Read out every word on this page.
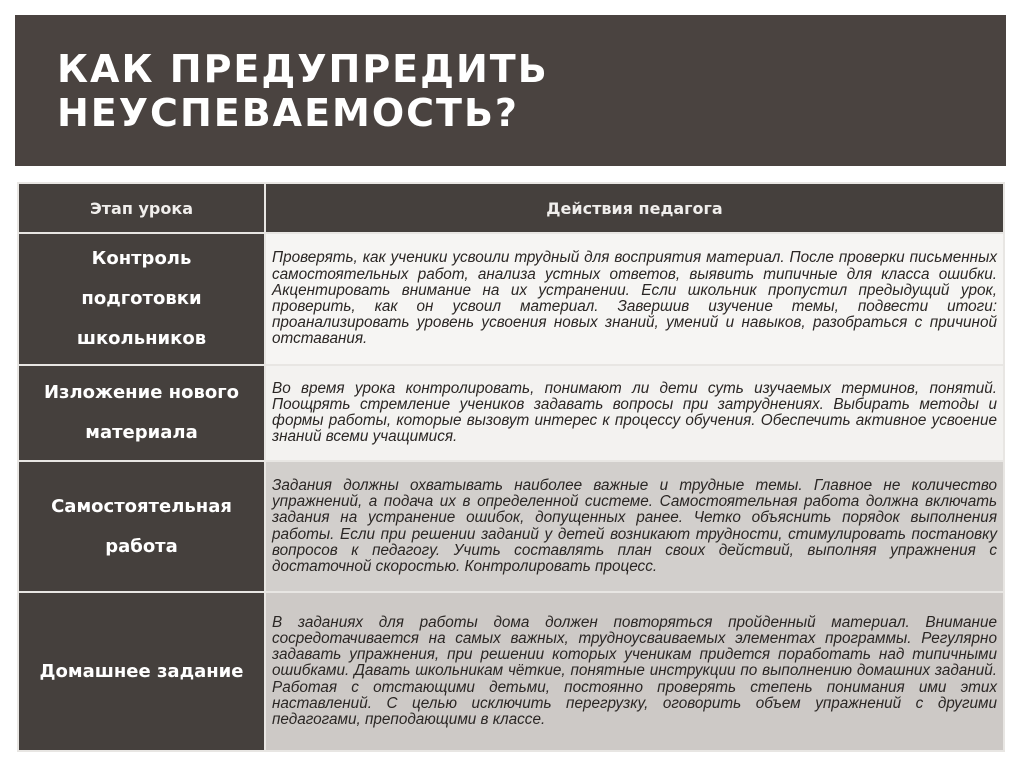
КАК ПРЕДУПРЕДИТЬ НЕУСПЕВАЕМОСТЬ?
Этап урока	Действия педагога
Контроль подготовки школьников	Проверять, как ученики усвоили трудный для восприятия материал. После проверки письменных самостоятельных работ, анализа устных ответов, выявить типичные для класса ошибки. Акцентировать внимание на их устранении. Если школьник пропустил предыдущий урок, проверить, как он усвоил материал. Завершив изучение темы, подвести итоги: проанализировать уровень усвоения новых знаний, умений и навыков, разобраться с причиной отставания.
Изложение нового материала	Во время урока контролировать, понимают ли дети суть изучаемых терминов, понятий. Поощрять стремление учеников задавать вопросы при затруднениях. Выбирать методы и формы работы, которые вызовут интерес к процессу обучения. Обеспечить активное усвоение знаний всеми учащимися.
Самостоятельная работа	Задания должны охватывать наиболее важные и трудные темы. Главное не количество упражнений, а подача их в определенной системе. Самостоятельная работа должна включать задания на устранение ошибок, допущенных ранее. Четко объяснить порядок выполнения работы. Если при решении заданий у детей возникают трудности, стимулировать постановку вопросов к педагогу. Учить составлять план своих действий, выполняя упражнения с достаточной скоростью. Контролировать процесс.
Домашнее задание	В заданиях для работы дома должен повторяться пройденный материал. Внимание сосредотачивается на самых важных, трудноусваиваемых элементах программы. Регулярно задавать упражнения, при решении которых ученикам придется поработать над типичными ошибками. Давать школьникам чёткие, понятные инструкции по выполнению домашних заданий. Работая с отстающими детьми, постоянно проверять степень понимания ими этих наставлений. С целью исключить перегрузку, оговорить объем упражнений с другими педагогами, преподающими в классе.
